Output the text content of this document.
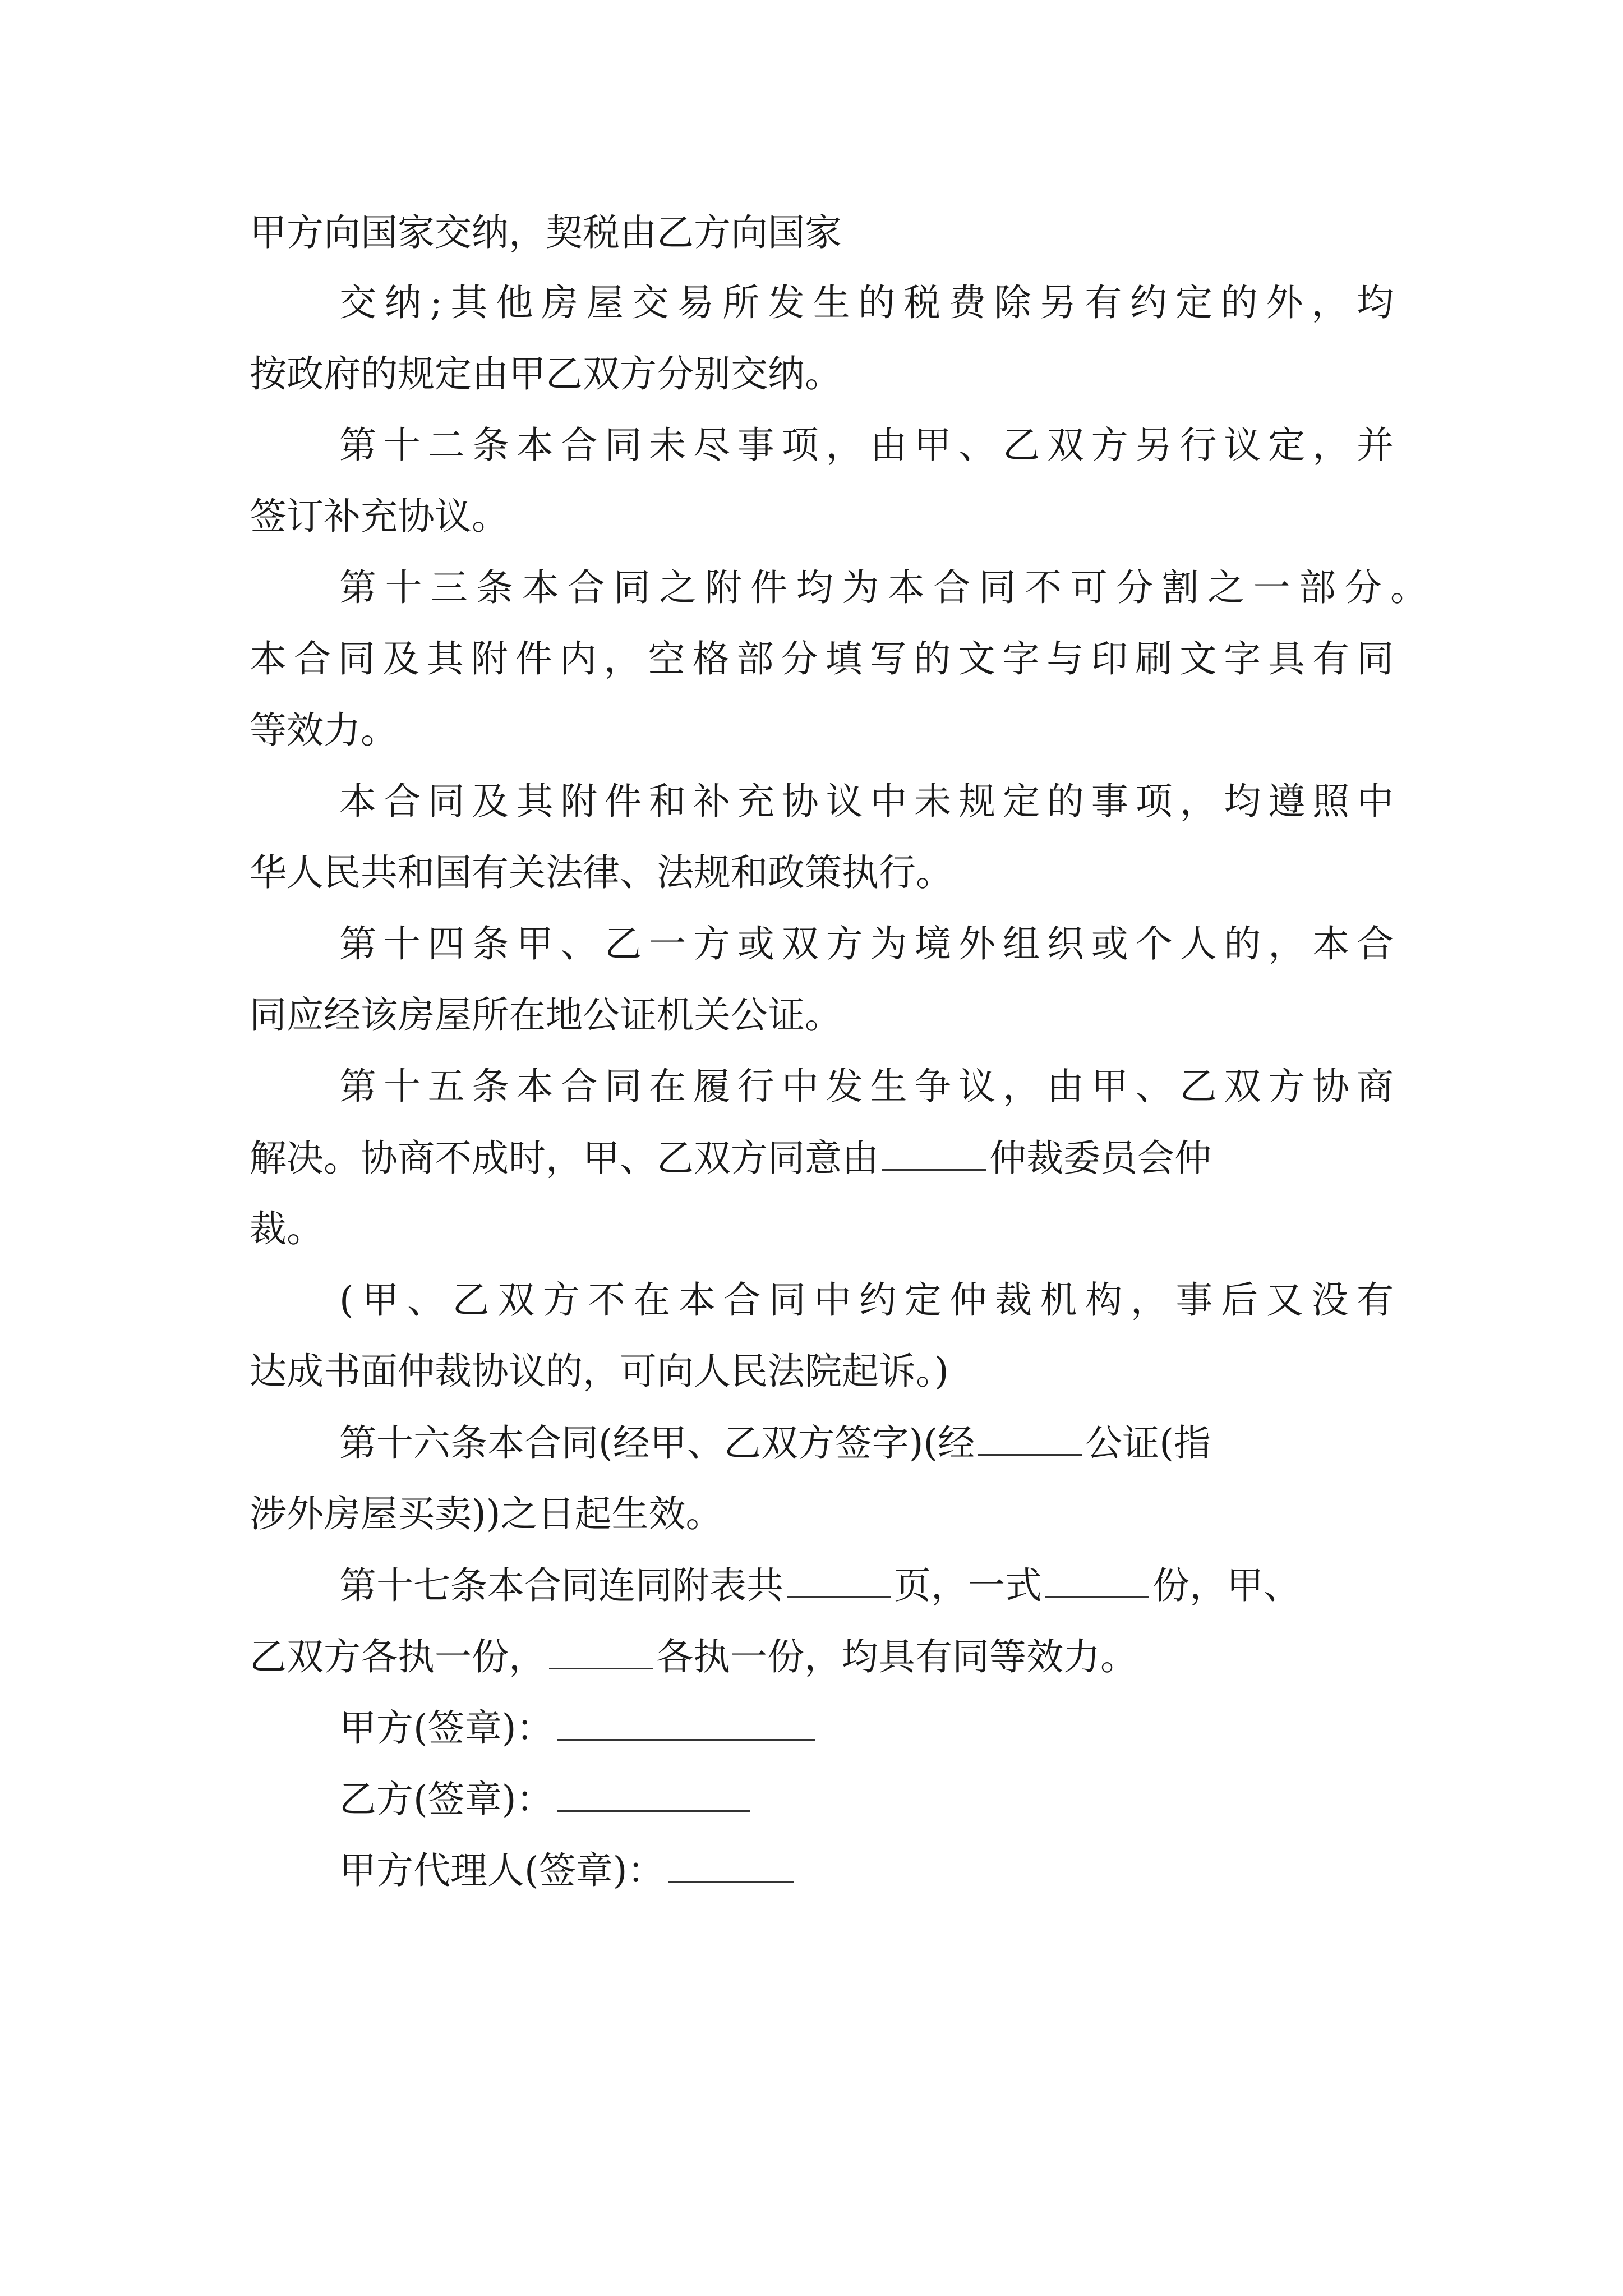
甲方向国家交纳，契税由乙方向国家
交纳;其他房屋交易所发生的税费除另有约定的外，均
按政府的规定由甲乙双方分别交纳。
第十二条本合同未尽事项，由甲、乙双方另行议定，并
签订补充协议。
第十三条本合同之附件均为本合同不可分割之一部分。
本合同及其附件内，空格部分填写的文字与印刷文字具有同
等效力。
本合同及其附件和补充协议中未规定的事项，均遵照中
华人民共和国有关法律、法规和政策执行。
第十四条甲、乙一方或双方为境外组织或个人的，本合
同应经该房屋所在地公证机关公证。
第十五条本合同在履行中发生争议，由甲、乙双方协商
解决。协商不成时，甲、乙双方同意由	仲裁委员会仲
裁。
(甲、乙双方不在本合同中约定仲裁机构，事后又没有
达成书面仲裁协议的，可向人民法院起诉。)
第十六条本合同(经甲、乙双方签字)(经	公证(指
涉外房屋买卖))之日起生效。
第十七条本合同连同附表共	页，一式	份，甲、
乙双方各执一份，	各执一份，均具有同等效力。
甲方(签章)：
乙方(签章)：
甲方代理人(签章)：
